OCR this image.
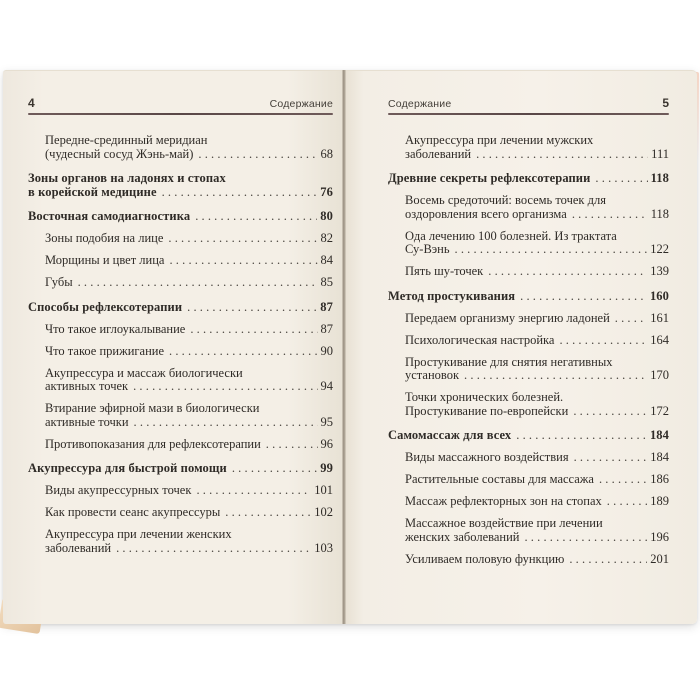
4	Содержание
Передне-срединный меридиан
(чудесный сосуд Жэнь-май) .....	68
Зоны органов на ладонях и стопах
в корейской медицине .....	76
Восточная самодиагностика .....	80
Зоны подобия на лице .....	82
Морщины и цвет лица .....	84
Губы .....	85
Способы рефлексотерапии .....	87
Что такое иглоукалывание .....	87
Что такое прижигание .....	90
Акупрессура и массаж биологически
активных точек .....	94
Втирание эфирной мази в биологически
активные точки .....	95
Противопоказания для рефлексотерапии .....	96
Акупрессура для быстрой помощи .....	99
Виды акупрессурных точек .....	101
Как провести сеанс акупрессуры .....	102
Акупрессура при лечении женских
заболеваний .....	103
Содержание	5
Акупрессура при лечении мужских
заболеваний .....	111
Древние секреты рефлексотерапии .....	118
Восемь средоточий: восемь точек для
оздоровления всего организма .....	118
Ода лечению 100 болезней. Из трактата
Су-Вэнь .....	122
Пять шу-точек .....	139
Метод простукивания .....	160
Передаем организму энергию ладоней .....	161
Психологическая настройка .....	164
Простукивание для снятия негативных
установок .....	170
Точки хронических болезней.
Простукивание по-европейски .....	172
Самомассаж для всех .....	184
Виды массажного воздействия .....	184
Растительные составы для массажа .....	186
Массаж рефлекторных зон на стопах .....	189
Массажное воздействие при лечении
женских заболеваний .....	196
Усиливаем половую функцию .....	201
